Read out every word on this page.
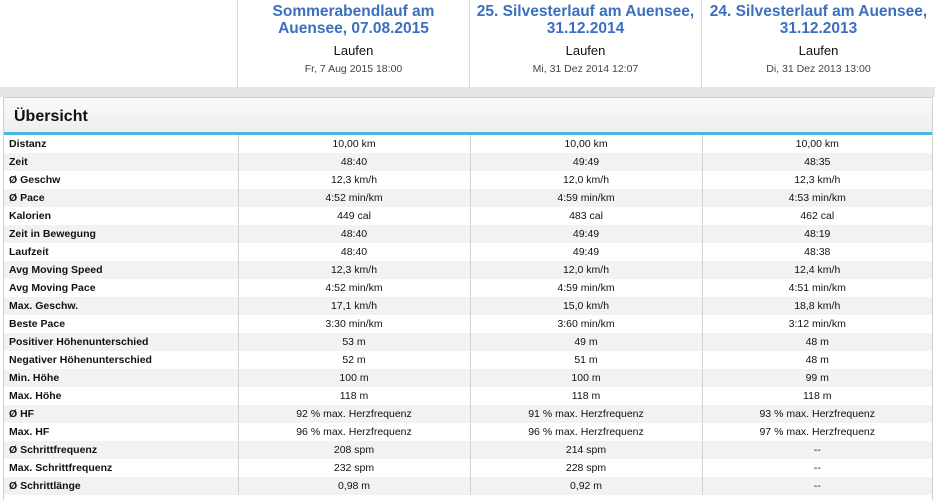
Sommerabendlauf am Auensee, 07.08.2015
Laufen
Fr, 7 Aug 2015 18:00
25. Silvesterlauf am Auensee, 31.12.2014
Laufen
Mi, 31 Dez 2014 12:07
24. Silvesterlauf am Auensee, 31.12.2013
Laufen
Di, 31 Dez 2013 13:00
Übersicht
Distanz	10,00 km	10,00 km	10,00 km
Zeit	48:40	49:49	48:35
Ø Geschw	12,3 km/h	12,0 km/h	12,3 km/h
Ø Pace	4:52 min/km	4:59 min/km	4:53 min/km
Kalorien	449 cal	483 cal	462 cal
Zeit in Bewegung	48:40	49:49	48:19
Laufzeit	48:40	49:49	48:38
Avg Moving Speed	12,3 km/h	12,0 km/h	12,4 km/h
Avg Moving Pace	4:52 min/km	4:59 min/km	4:51 min/km
Max. Geschw.	17,1 km/h	15,0 km/h	18,8 km/h
Beste Pace	3:30 min/km	3:60 min/km	3:12 min/km
Positiver Höhenunterschied	53 m	49 m	48 m
Negativer Höhenunterschied	52 m	51 m	48 m
Min. Höhe	100 m	100 m	99 m
Max. Höhe	118 m	118 m	118 m
Ø HF	92 % max. Herzfrequenz	91 % max. Herzfrequenz	93 % max. Herzfrequenz
Max. HF	96 % max. Herzfrequenz	96 % max. Herzfrequenz	97 % max. Herzfrequenz
Ø Schrittfrequenz	208 spm	214 spm	--
Max. Schrittfrequenz	232 spm	228 spm	--
Ø Schrittlänge	0,98 m	0,92 m	--
